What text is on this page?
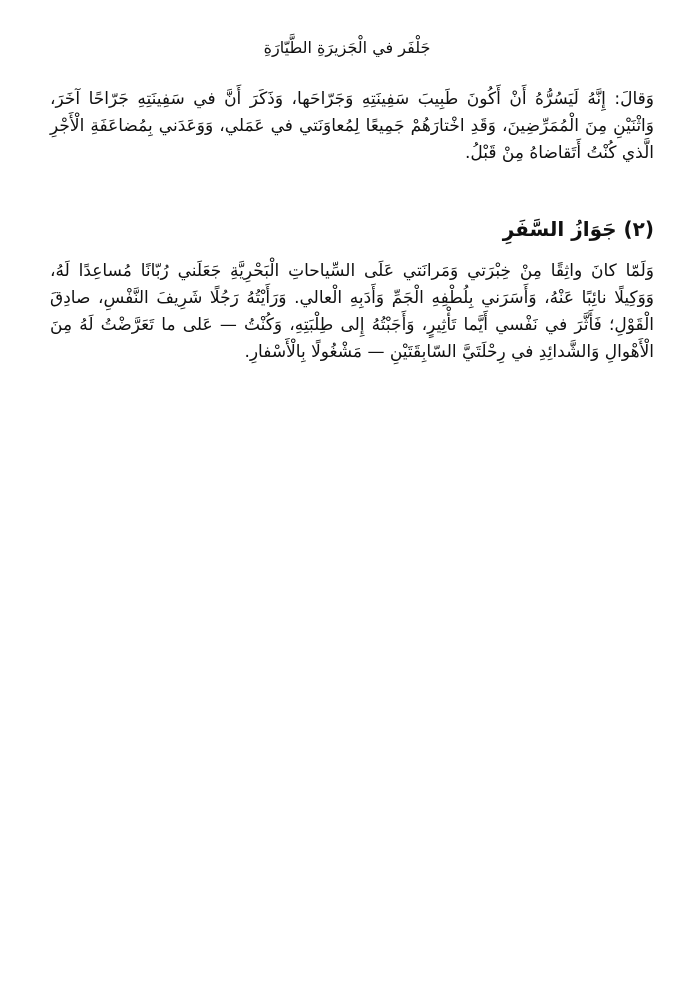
جَلْفَر في الْجَزيرَةِ الطَّيّارَةِ

وَقالَ: إِنَّهُ لَيَسُرُّهُ أَنْ أَكُونَ طَبِيبَ سَفِينَتِهِ وَجَرّاحَها، وَذَكَرَ أَنَّ في سَفِينَتِهِ جَرّاحًا آخَرَ، وَاثْنَيْنِ مِنَ الْمُمَرِّضِينَ، وَقَدِ اخْتارَهُمْ جَمِيعًا لِمُعاوَنَتي في عَمَلي، وَوَعَدَني بِمُضاعَفَةِ الْأَجْرِ الَّذي كُنْتُ أَتَقاضاهُ مِنْ قَبْلُ.

(٢) جَوَازُ السَّفَرِ

وَلَمّا كانَ واثِقًا مِنْ خِبْرَتي وَمَرانَتي عَلَى السِّياحاتِ الْبَحْرِيَّةِ جَعَلَني رُبّانًا مُساعِدًا لَهُ، وَوَكِيلًا نائِبًا عَنْهُ، وَأَسَرَني بِلُطْفِهِ الْجَمِّ وَأَدَبِهِ الْعالي. وَرَأَيْتُهُ رَجُلًا شَرِيفَ النَّفْسِ، صادِقَ الْقَوْلِ؛ فَأَثَّرَ في نَفْسي أَيَّما تَأْثِيرٍ، وَأَجَبْتُهُ إِلى طِلْبَتِهِ، وَكُنْتُ — عَلى ما تَعَرَّضْتُ لَهُ مِنَ الْأَهْوالِ وَالشَّدائِدِ في رِحْلَتَيَّ السّابِقَتَيْنِ — مَشْغُولًا بِالْأَسْفارِ.
